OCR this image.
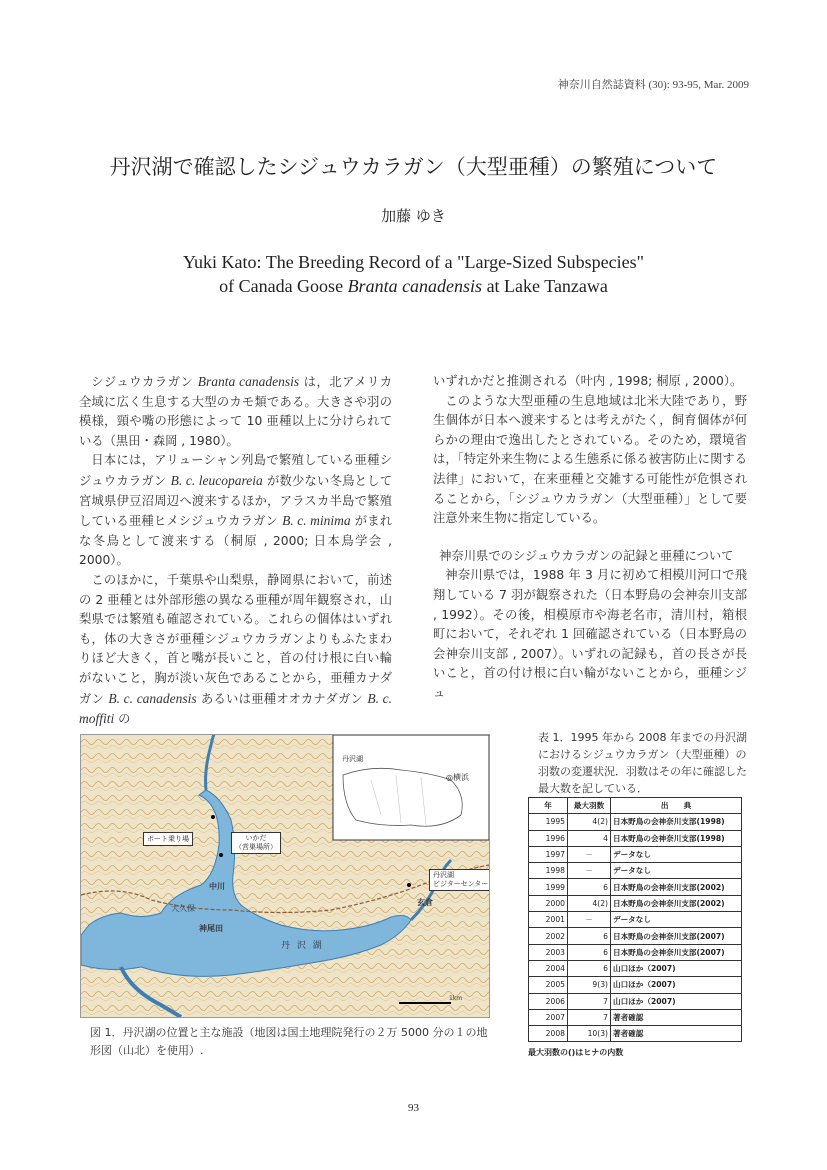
神奈川自然誌資料 (30): 93-95, Mar. 2009
丹沢湖で確認したシジュウカラガン（大型亜種）の繁殖について
加藤 ゆき
Yuki Kato: The Breeding Record of a "Large-Sized Subspecies"
of Canada Goose Branta canadensis at Lake Tanzawa

シジュウカラガン Branta canadensis は，北アメリカ全域に広く生息する大型のカモ類である。大きさや羽の模様，頸や嘴の形態によって 10 亜種以上に分けられている（黒田・森岡 , 1980）。

日本には，アリューシャン列島で繁殖している亜種シジュウカラガン B. c. leucopareia が数少ない冬鳥として宮城県伊豆沼周辺へ渡来するほか，アラスカ半島で繁殖している亜種ヒメシジュウカラガン B. c. minima がまれな冬鳥として渡来する（桐原 , 2000; 日本鳥学会 , 2000）。

このほかに，千葉県や山梨県，静岡県において，前述の 2 亜種とは外部形態の異なる亜種が周年観察され，山梨県では繁殖も確認されている。これらの個体はいずれも，体の大きさが亜種シジュウカラガンよりもふたまわりほど大きく，首と嘴が長いこと，首の付け根に白い輪がないこと，胸が淡い灰色であることから，亜種カナダガン B. c. canadensis あるいは亜種オオカナダガン B. c. moffiti の

いずれかだと推測される（叶内 , 1998; 桐原 , 2000）。

このような大型亜種の生息地域は北米大陸であり，野生個体が日本へ渡来するとは考えがたく，飼育個体が何らかの理由で逸出したとされている。そのため，環境省は，「特定外来生物による生態系に係る被害防止に関する法律」において，在来亜種と交雑する可能性が危惧されることから，「シジュウカラガン（大型亜種）」として要注意外来生物に指定している。

神奈川県でのシジュウカラガンの記録と亜種について

神奈川県では，1988 年 3 月に初めて相模川河口で飛翔している 7 羽が観察された（日本野鳥の会神奈川支部 , 1992）。その後，相模原市や海老名市，清川村，箱根町において，それぞれ 1 回確認されている（日本野鳥の会神奈川支部 , 2007）。いずれの記録も，首の長さが長いこと，首の付け根に白い輪がないことから，亜種シジュ

丹沢湖
◎横浜
ボート乗り場	いかだ
（営巣場所）
丹沢湖
ビジターセンター
丹 沢 湖
神尾田
中川
大久保
玄倉
1km
図 1．丹沢湖の位置と主な施設（地図は国土地理院発行の２万 5000 分の１の地形図（山北）を使用）.
表 1．1995 年から 2008 年までの丹沢湖におけるシジュウカラガン（大型亜種）の羽数の変遷状況．羽数はその年に確認した最大数を記している．
年	最大羽数	出　　典
1995	4(2)	日本野鳥の会神奈川支部(1998)
1996	4	日本野鳥の会神奈川支部(1998)
1997	－	データなし
1998	－	データなし
1999	6	日本野鳥の会神奈川支部(2002)
2000	4(2)	日本野鳥の会神奈川支部(2002)
2001	－	データなし
2002	6	日本野鳥の会神奈川支部(2007)
2003	6	日本野鳥の会神奈川支部(2007)
2004	6	山口ほか（2007)
2005	9(3)	山口ほか（2007)
2006	7	山口ほか（2007)
2007	7	著者確認
2008	10(3)	著者確認
最大羽数の()はヒナの内数
93
